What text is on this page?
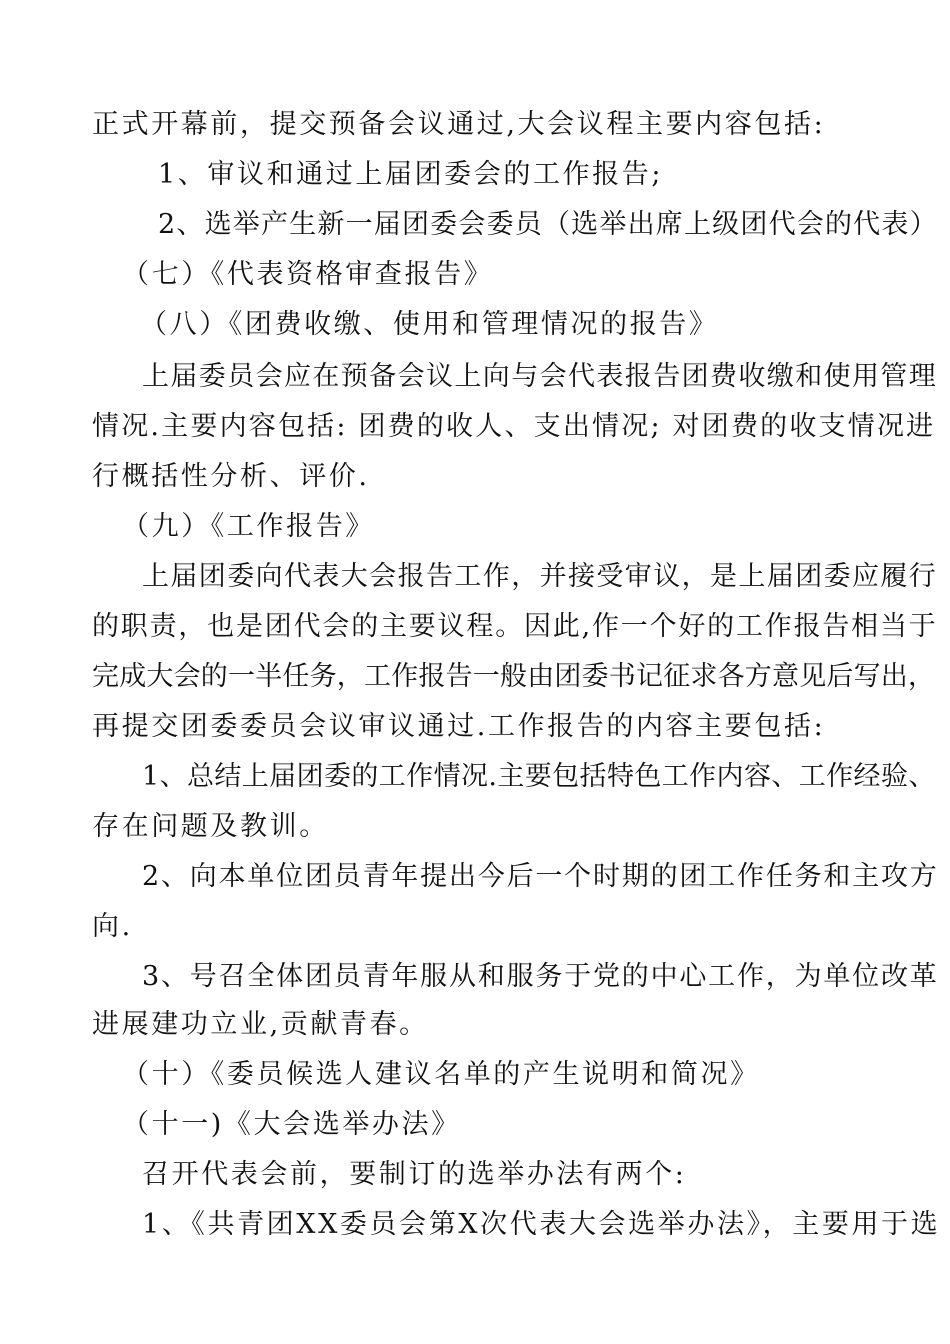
正式开幕前，提交预备会议通过,大会议程主要内容包括:
1、审议和通过上届团委会的工作报告;
2、选举产生新一届团委会委员（选举出席上级团代会的代表）
（七）《代表资格审查报告》
（八）《团费收缴、使用和管理情况的报告》
上届委员会应在预备会议上向与会代表报告团费收缴和使用管理
情况.主要内容包括: 团费的收人、支出情况; 对团费的收支情况进
行概括性分析、评价.
（九）《工作报告》
上届团委向代表大会报告工作，并接受审议，是上届团委应履行
的职责，也是团代会的主要议程。因此,作一个好的工作报告相当于
完成大会的一半任务，工作报告一般由团委书记征求各方意见后写出，
再提交团委委员会议审议通过.工作报告的内容主要包括:
1、总结上届团委的工作情况.主要包括特色工作内容、工作经验、
存在问题及教训。
2、向本单位团员青年提出今后一个时期的团工作任务和主攻方
向.
3、号召全体团员青年服从和服务于党的中心工作，为单位改革
进展建功立业,贡献青春。
（十）《委员候选人建议名单的产生说明和简况》
（十一)《大会选举办法》
召开代表会前，要制订的选举办法有两个:
1、《共青团XX委员会第X次代表大会选举办法》，主要用于选
